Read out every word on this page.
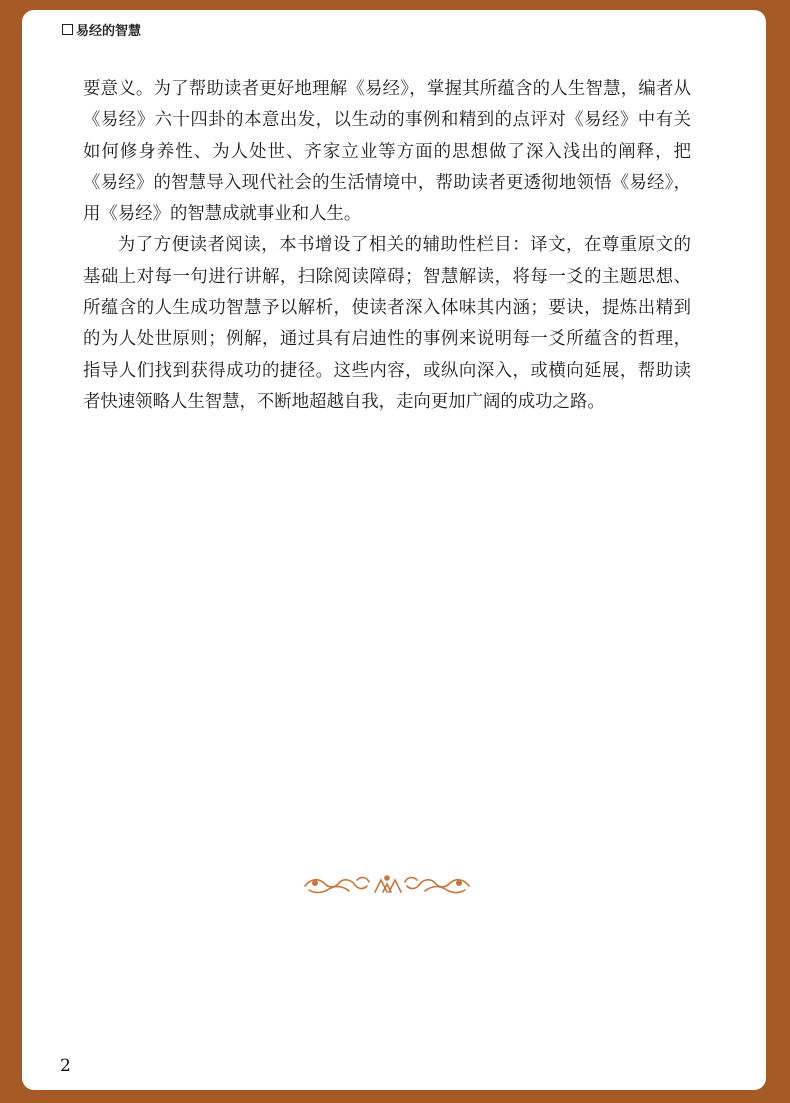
易经的智慧

要意义。为了帮助读者更好地理解《易经》，掌握其所蕴含的人生智慧，编者从《易经》六十四卦的本意出发，以生动的事例和精到的点评对《易经》中有关如何修身养性、为人处世、齐家立业等方面的思想做了深入浅出的阐释，把《易经》的智慧导入现代社会的生活情境中，帮助读者更透彻地领悟《易经》，用《易经》的智慧成就事业和人生。

为了方便读者阅读，本书增设了相关的辅助性栏目：译文，在尊重原文的基础上对每一句进行讲解，扫除阅读障碍；智慧解读，将每一爻的主题思想、所蕴含的人生成功智慧予以解析，使读者深入体味其内涵；要诀，提炼出精到的为人处世原则；例解，通过具有启迪性的事例来说明每一爻所蕴含的哲理，指导人们找到获得成功的捷径。这些内容，或纵向深入，或横向延展，帮助读者快速领略人生智慧，不断地超越自我，走向更加广阔的成功之路。

2
